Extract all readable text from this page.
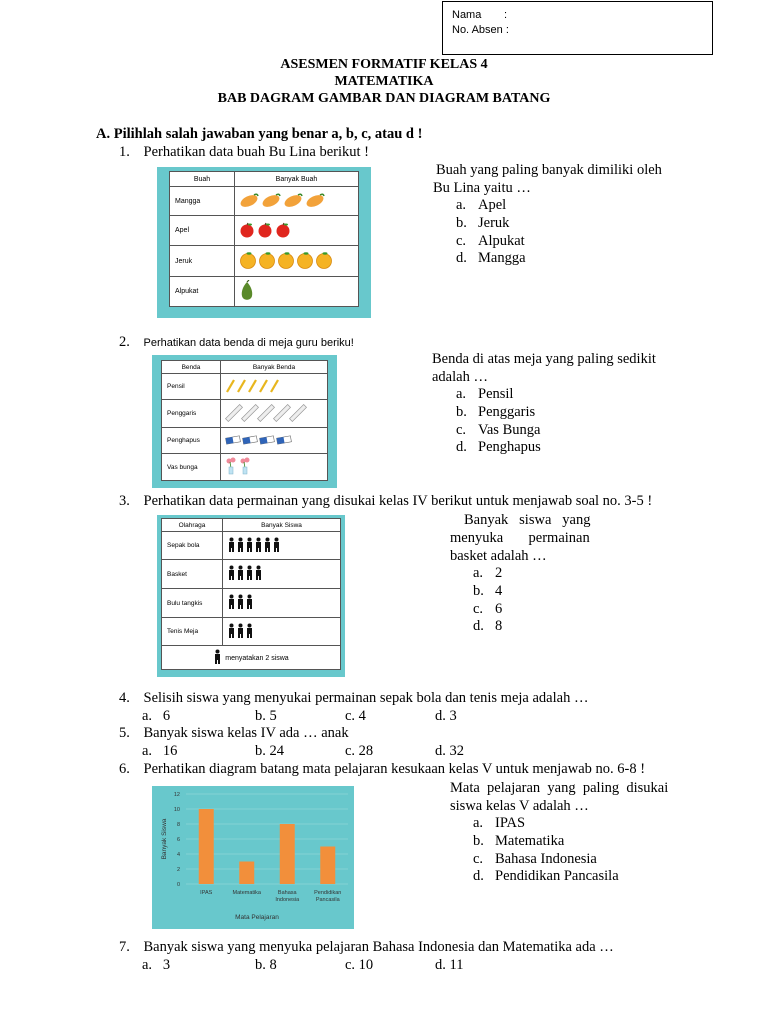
Nama	:
No. Absen :
ASESMEN FORMATIF KELAS 4
MATEMATIKA
BAB DAGRAM GAMBAR DAN DIAGRAM BATANG
A. Pilihlah salah jawaban yang benar a, b, c, atau d !
1. Perhatikan data buah Bu Lina berikut !
Buah	Banyak Buah
Mangga	
Apel	
Jeruk	
Alpukat	
Buah yang paling banyak dimiliki oleh
Bu Lina yaitu …
a. Apel
b. Jeruk
c. Alpukat
d. Mangga
2. Perhatikan data benda di meja guru beriku!
Benda	Banyak Benda
Pensil	
Penggaris	
Penghapus	
Vas bunga	
Benda di atas meja yang paling sedikit
adalah …
a. Pensil
b. Penggaris
c. Vas Bunga
d. Penghapus
3. Perhatikan data permainan yang disukai kelas IV berikut untuk menjawab soal no. 3-5 !
Olahraga	Banyak Siswa
Sepak bola	
Basket	
Bulu tangkis	
Tenis Meja	
menyatakan 2 siswa	
Banyak   siswa   yang
menyuka       permainan
basket adalah …
a. 2
b. 4
c. 6
d. 8
4. Selisih siswa yang menyukai permainan sepak bola dan tenis meja adalah …
a.   6	b. 5	c. 4	d. 3
5. Banyak siswa kelas IV ada … anak
a.   16	b. 24	c. 28	d. 32
6. Perhatikan diagram batang mata pelajaran kesukaan kelas V untuk menjawab no. 6-8 !
0
2
4
6
8
10
12
IPAS	Matematika	Bahasa
Indonesia
Pendidikan
Pancasila
Mata Pelajaran
Banyak Siswa
Mata  pelajaran  yang  paling  disukai
siswa kelas V adalah …
a. IPAS
b. Matematika
c. Bahasa Indonesia
d. Pendidikan Pancasila
7. Banyak siswa yang menyuka pelajaran Bahasa Indonesia dan Matematika ada …
a.   3	b. 8	c. 10	d. 11
